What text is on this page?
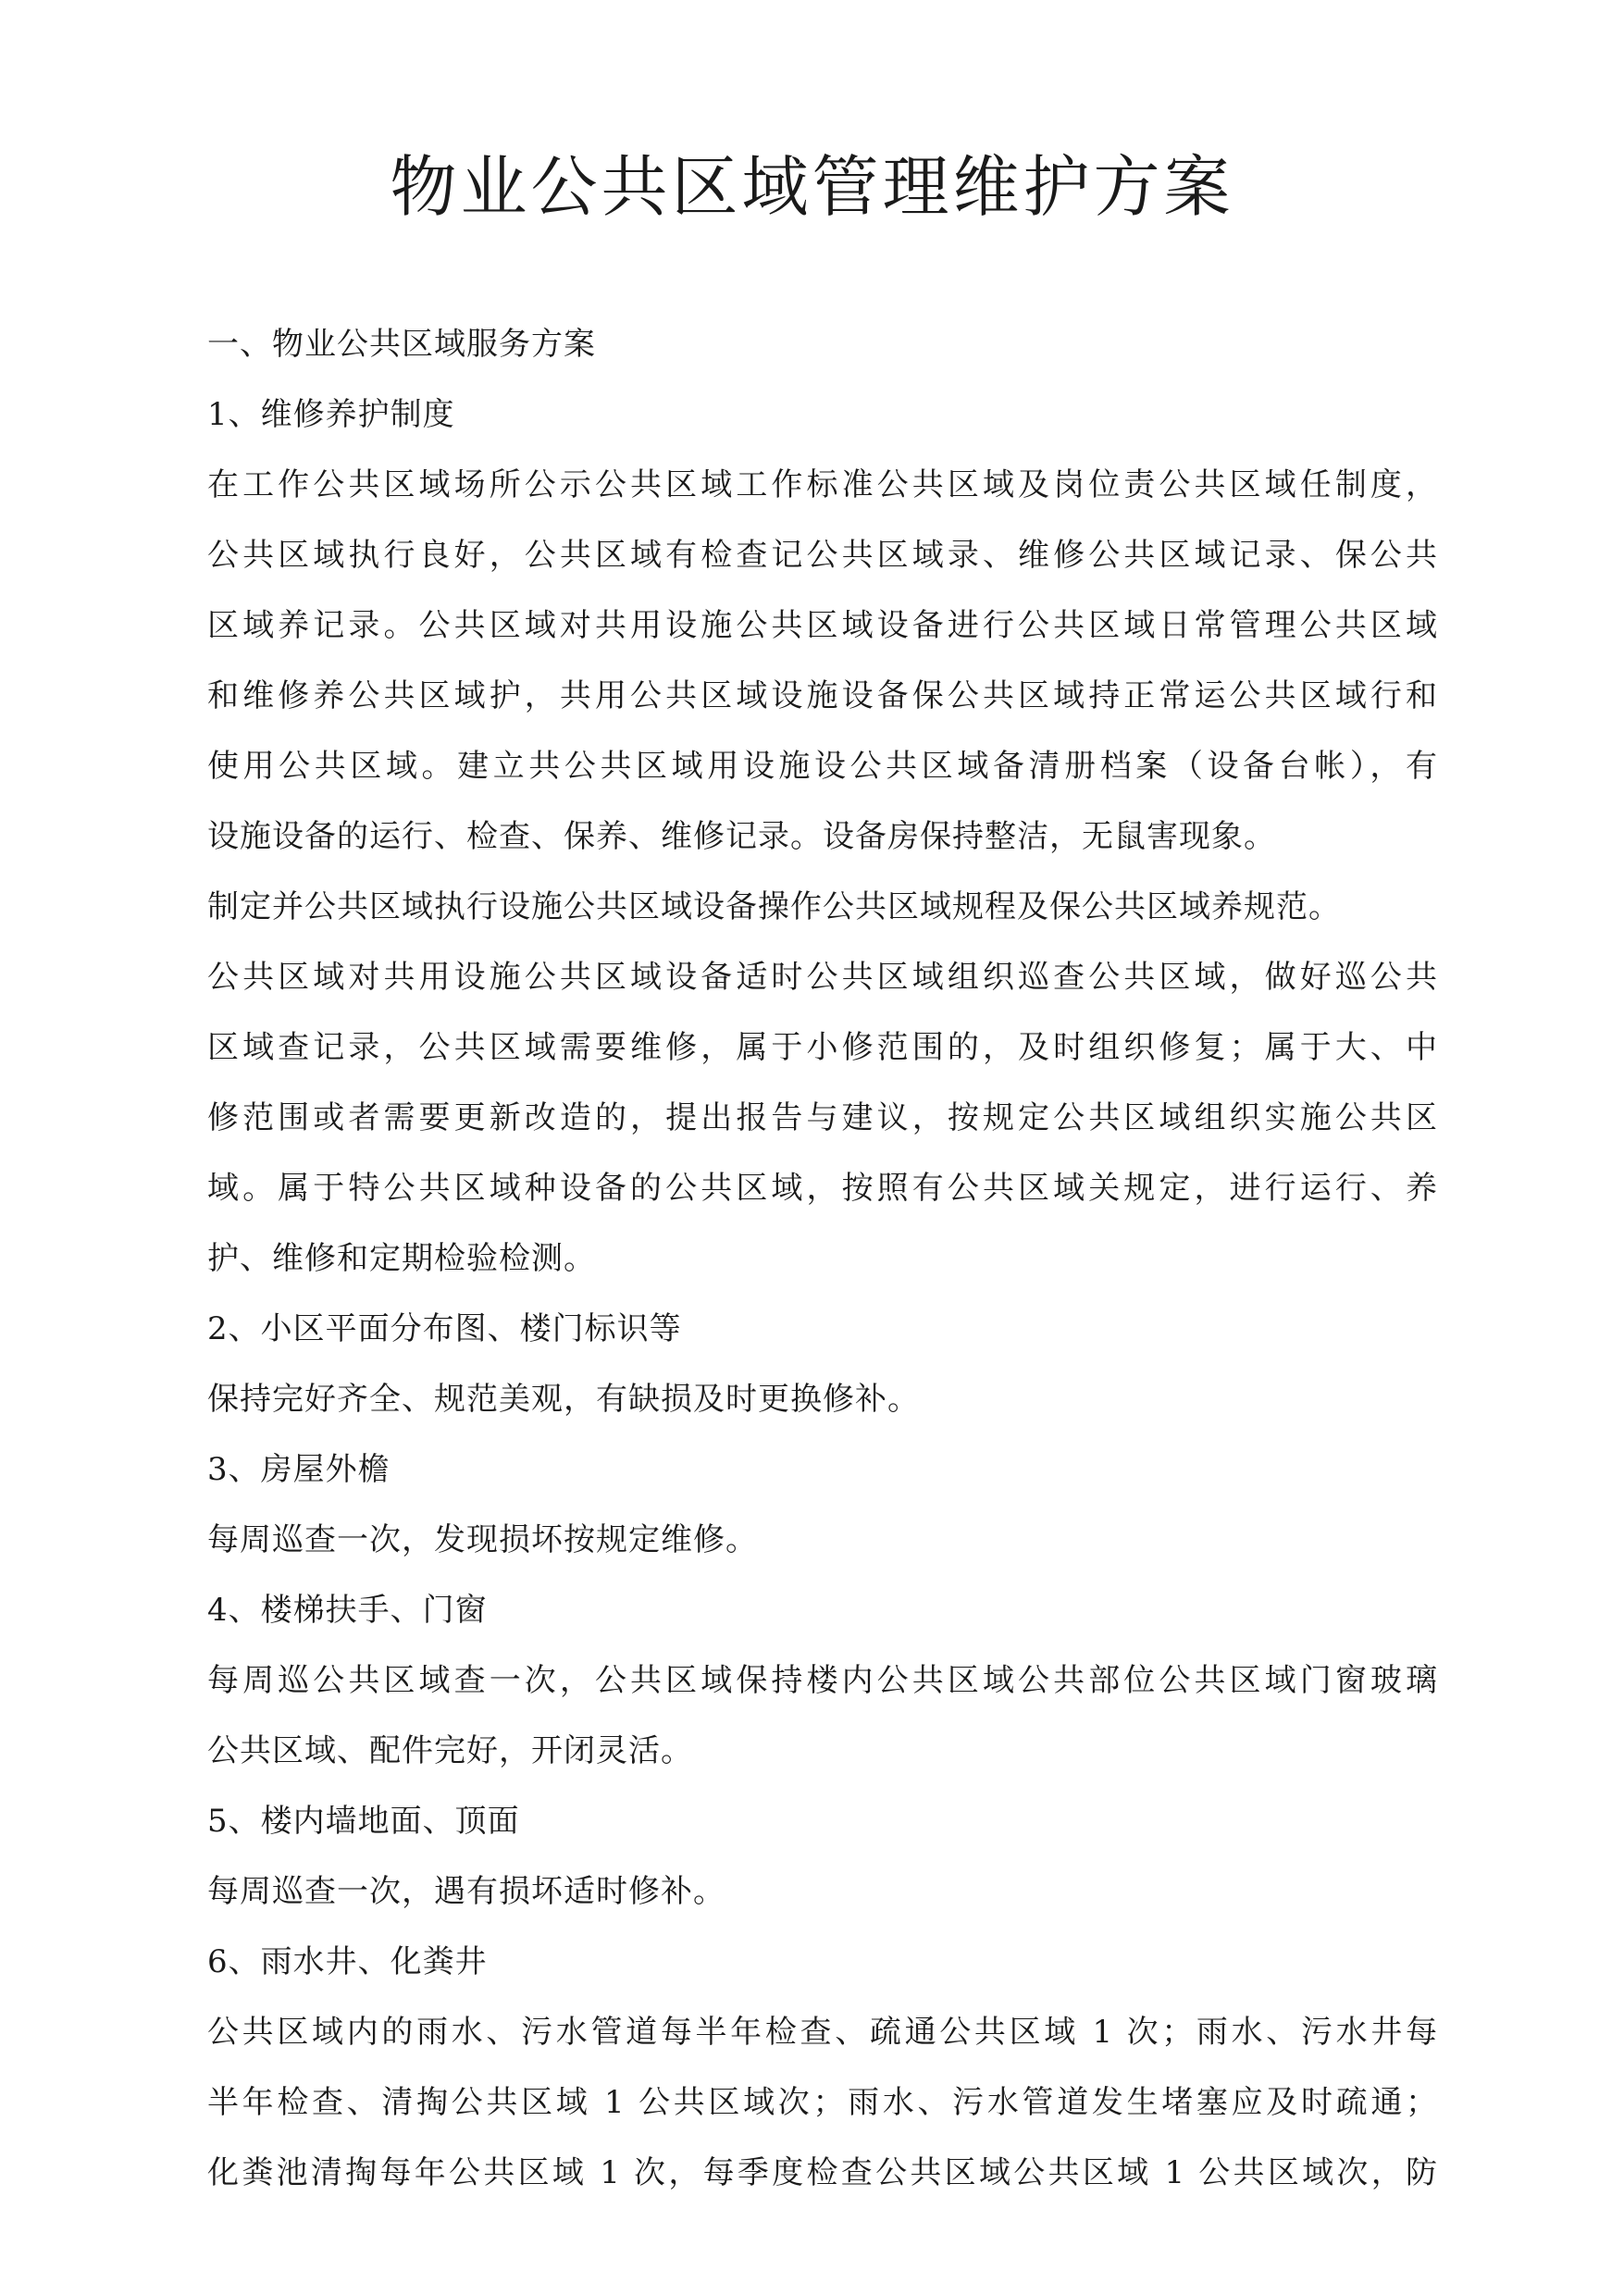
物业公共区域管理维护方案
一、物业公共区域服务方案
1、维修养护制度
在工作公共区域场所公示公共区域工作标准公共区域及岗位责公共区域任制度，
公共区域执行良好，公共区域有检查记公共区域录、维修公共区域记录、保公共
区域养记录。公共区域对共用设施公共区域设备进行公共区域日常管理公共区域
和维修养公共区域护，共用公共区域设施设备保公共区域持正常运公共区域行和
使用公共区域。建立共公共区域用设施设公共区域备清册档案（设备台帐），有
设施设备的运行、检查、保养、维修记录。设备房保持整洁，无鼠害现象。
制定并公共区域执行设施公共区域设备操作公共区域规程及保公共区域养规范。
公共区域对共用设施公共区域设备适时公共区域组织巡查公共区域，做好巡公共
区域查记录，公共区域需要维修，属于小修范围的，及时组织修复；属于大、中
修范围或者需要更新改造的，提出报告与建议，按规定公共区域组织实施公共区
域。属于特公共区域种设备的公共区域，按照有公共区域关规定，进行运行、养
护、维修和定期检验检测。
2、小区平面分布图、楼门标识等
保持完好齐全、规范美观，有缺损及时更换修补。
3、房屋外檐
每周巡查一次，发现损坏按规定维修。
4、楼梯扶手、门窗
每周巡公共区域查一次，公共区域保持楼内公共区域公共部位公共区域门窗玻璃
公共区域、配件完好，开闭灵活。
5、楼内墙地面、顶面
每周巡查一次，遇有损坏适时修补。
6、雨水井、化粪井
公共区域内的雨水、污水管道每半年检查、疏通公共区域 1 次；雨水、污水井每
半年检查、清掏公共区域 1 公共区域次；雨水、污水管道发生堵塞应及时疏通；
化粪池清掏每年公共区域 1 次，每季度检查公共区域公共区域 1 公共区域次，防
